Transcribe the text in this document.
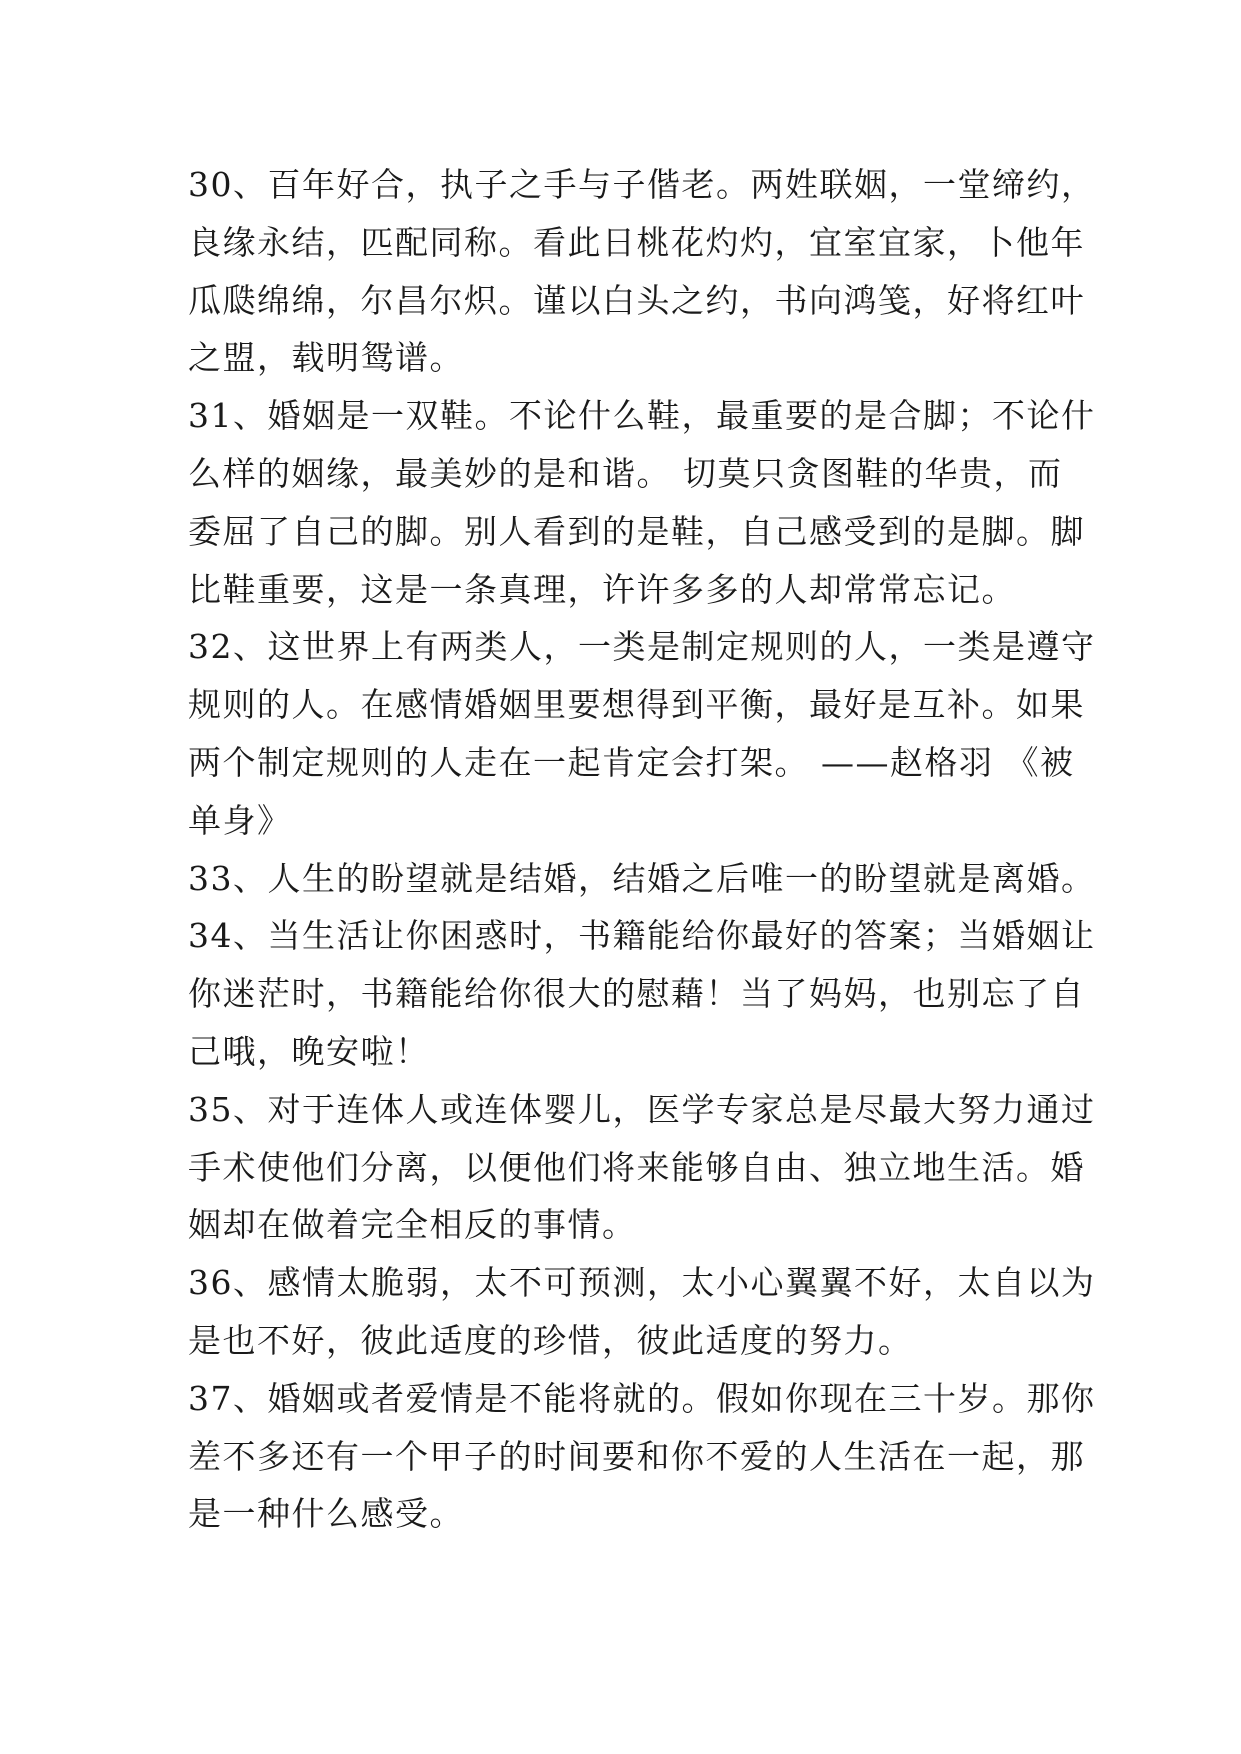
30、百年好合，执子之手与子偕老。两姓联姻，一堂缔约，
良缘永结，匹配同称。看此日桃花灼灼，宜室宜家，卜他年
瓜瓞绵绵，尔昌尔炽。谨以白头之约，书向鸿笺，好将红叶
之盟，载明鸳谱。
31、婚姻是一双鞋。不论什么鞋，最重要的是合脚；不论什
么样的姻缘，最美妙的是和谐。 切莫只贪图鞋的华贵，而
委屈了自己的脚。别人看到的是鞋，自己感受到的是脚。脚
比鞋重要，这是一条真理，许许多多的人却常常忘记。
32、这世界上有两类人，一类是制定规则的人，一类是遵守
规则的人。在感情婚姻里要想得到平衡，最好是互补。如果
两个制定规则的人走在一起肯定会打架。 ——赵格羽 《被
单身》
33、人生的盼望就是结婚，结婚之后唯一的盼望就是离婚。
34、当生活让你困惑时，书籍能给你最好的答案；当婚姻让
你迷茫时，书籍能给你很大的慰藉！当了妈妈，也别忘了自
己哦，晚安啦！
35、对于连体人或连体婴儿，医学专家总是尽最大努力通过
手术使他们分离，以便他们将来能够自由、独立地生活。婚
姻却在做着完全相反的事情。
36、感情太脆弱，太不可预测，太小心翼翼不好，太自以为
是也不好，彼此适度的珍惜，彼此适度的努力。
37、婚姻或者爱情是不能将就的。假如你现在三十岁。那你
差不多还有一个甲子的时间要和你不爱的人生活在一起，那
是一种什么感受。
